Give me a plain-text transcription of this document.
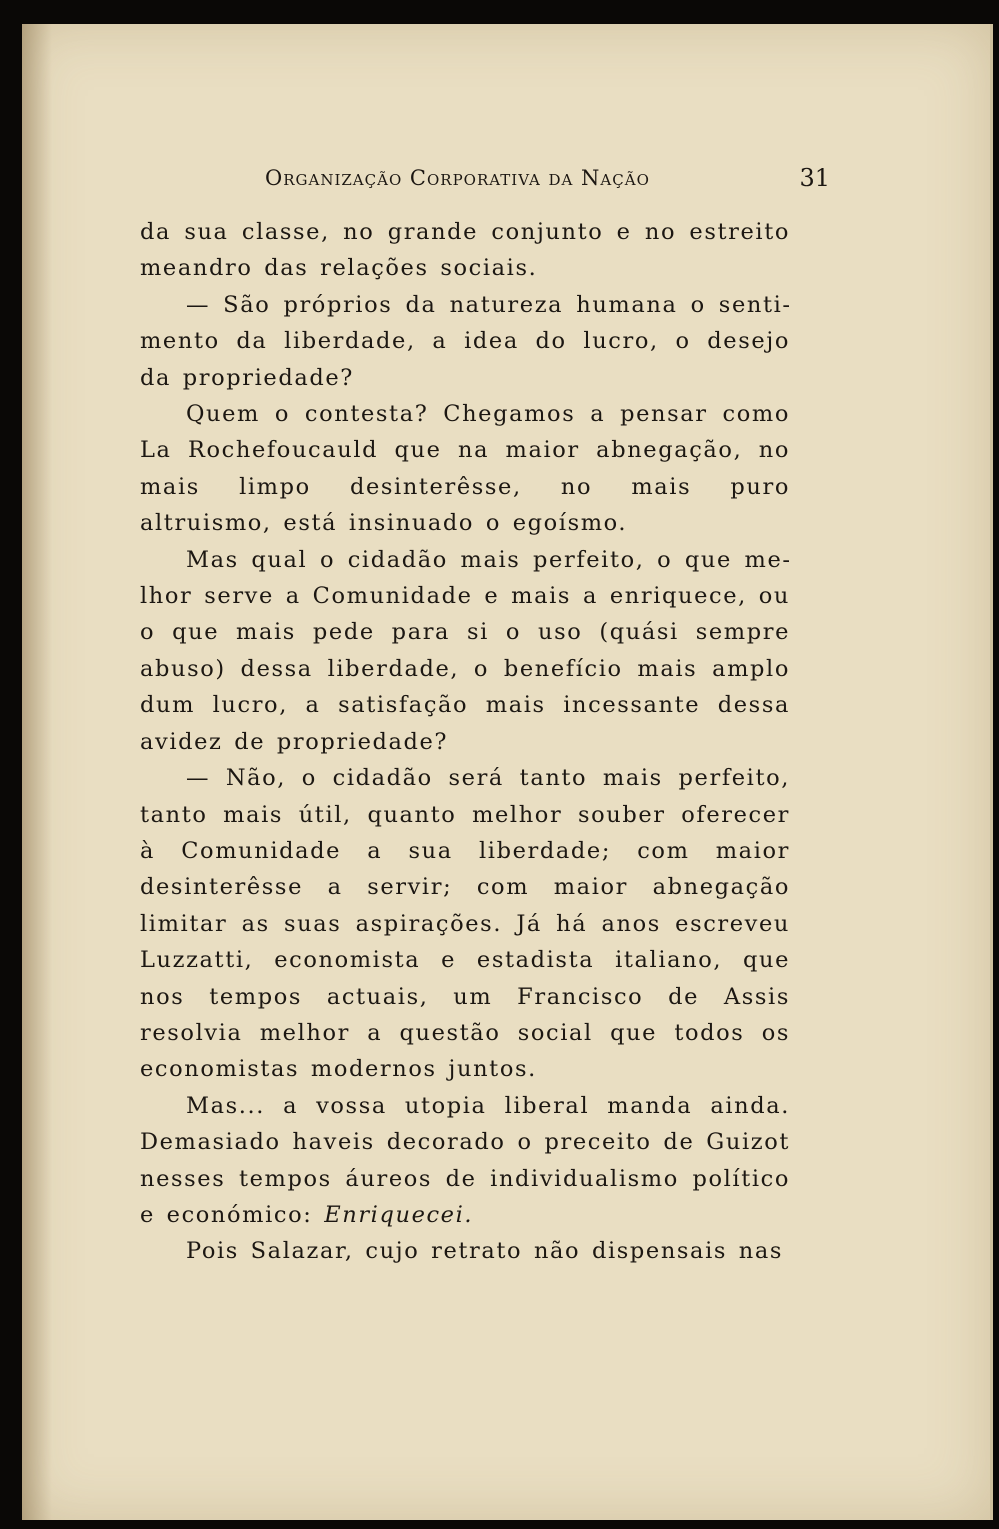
Organização Corporativa da Nação	31

da sua classe, no grande conjunto e no estreito meandro das relações sociais.

— São próprios da natureza humana o sentimento da liberdade, a idea do lucro, o desejo da propriedade?

Quem o contesta? Chegamos a pensar como La Rochefoucauld que na maior abnegação, no mais limpo desinterêsse, no mais puro altruismo, está insinuado o egoísmo.

Mas qual o cidadão mais perfeito, o que melhor serve a Comunidade e mais a enriquece, ou o que mais pede para si o uso (quási sempre abuso) dessa liberdade, o benefício mais amplo dum lucro, a satisfação mais incessante dessa avidez de propriedade?

— Não, o cidadão será tanto mais perfeito, tanto mais útil, quanto melhor souber oferecer à Comunidade a sua liberdade; com maior desinterêsse a servir; com maior abnegação limitar as suas aspirações. Já há anos escreveu Luzzatti, economista e estadista italiano, que nos tempos actuais, um Francisco de Assis resolvia melhor a questão social que todos os economistas modernos juntos.

Mas... a vossa utopia liberal manda ainda. Demasiado haveis decorado o preceito de Guizot nesses tempos áureos de individualismo político e económico: Enriquecei.

Pois Salazar, cujo retrato não dispensais nas
